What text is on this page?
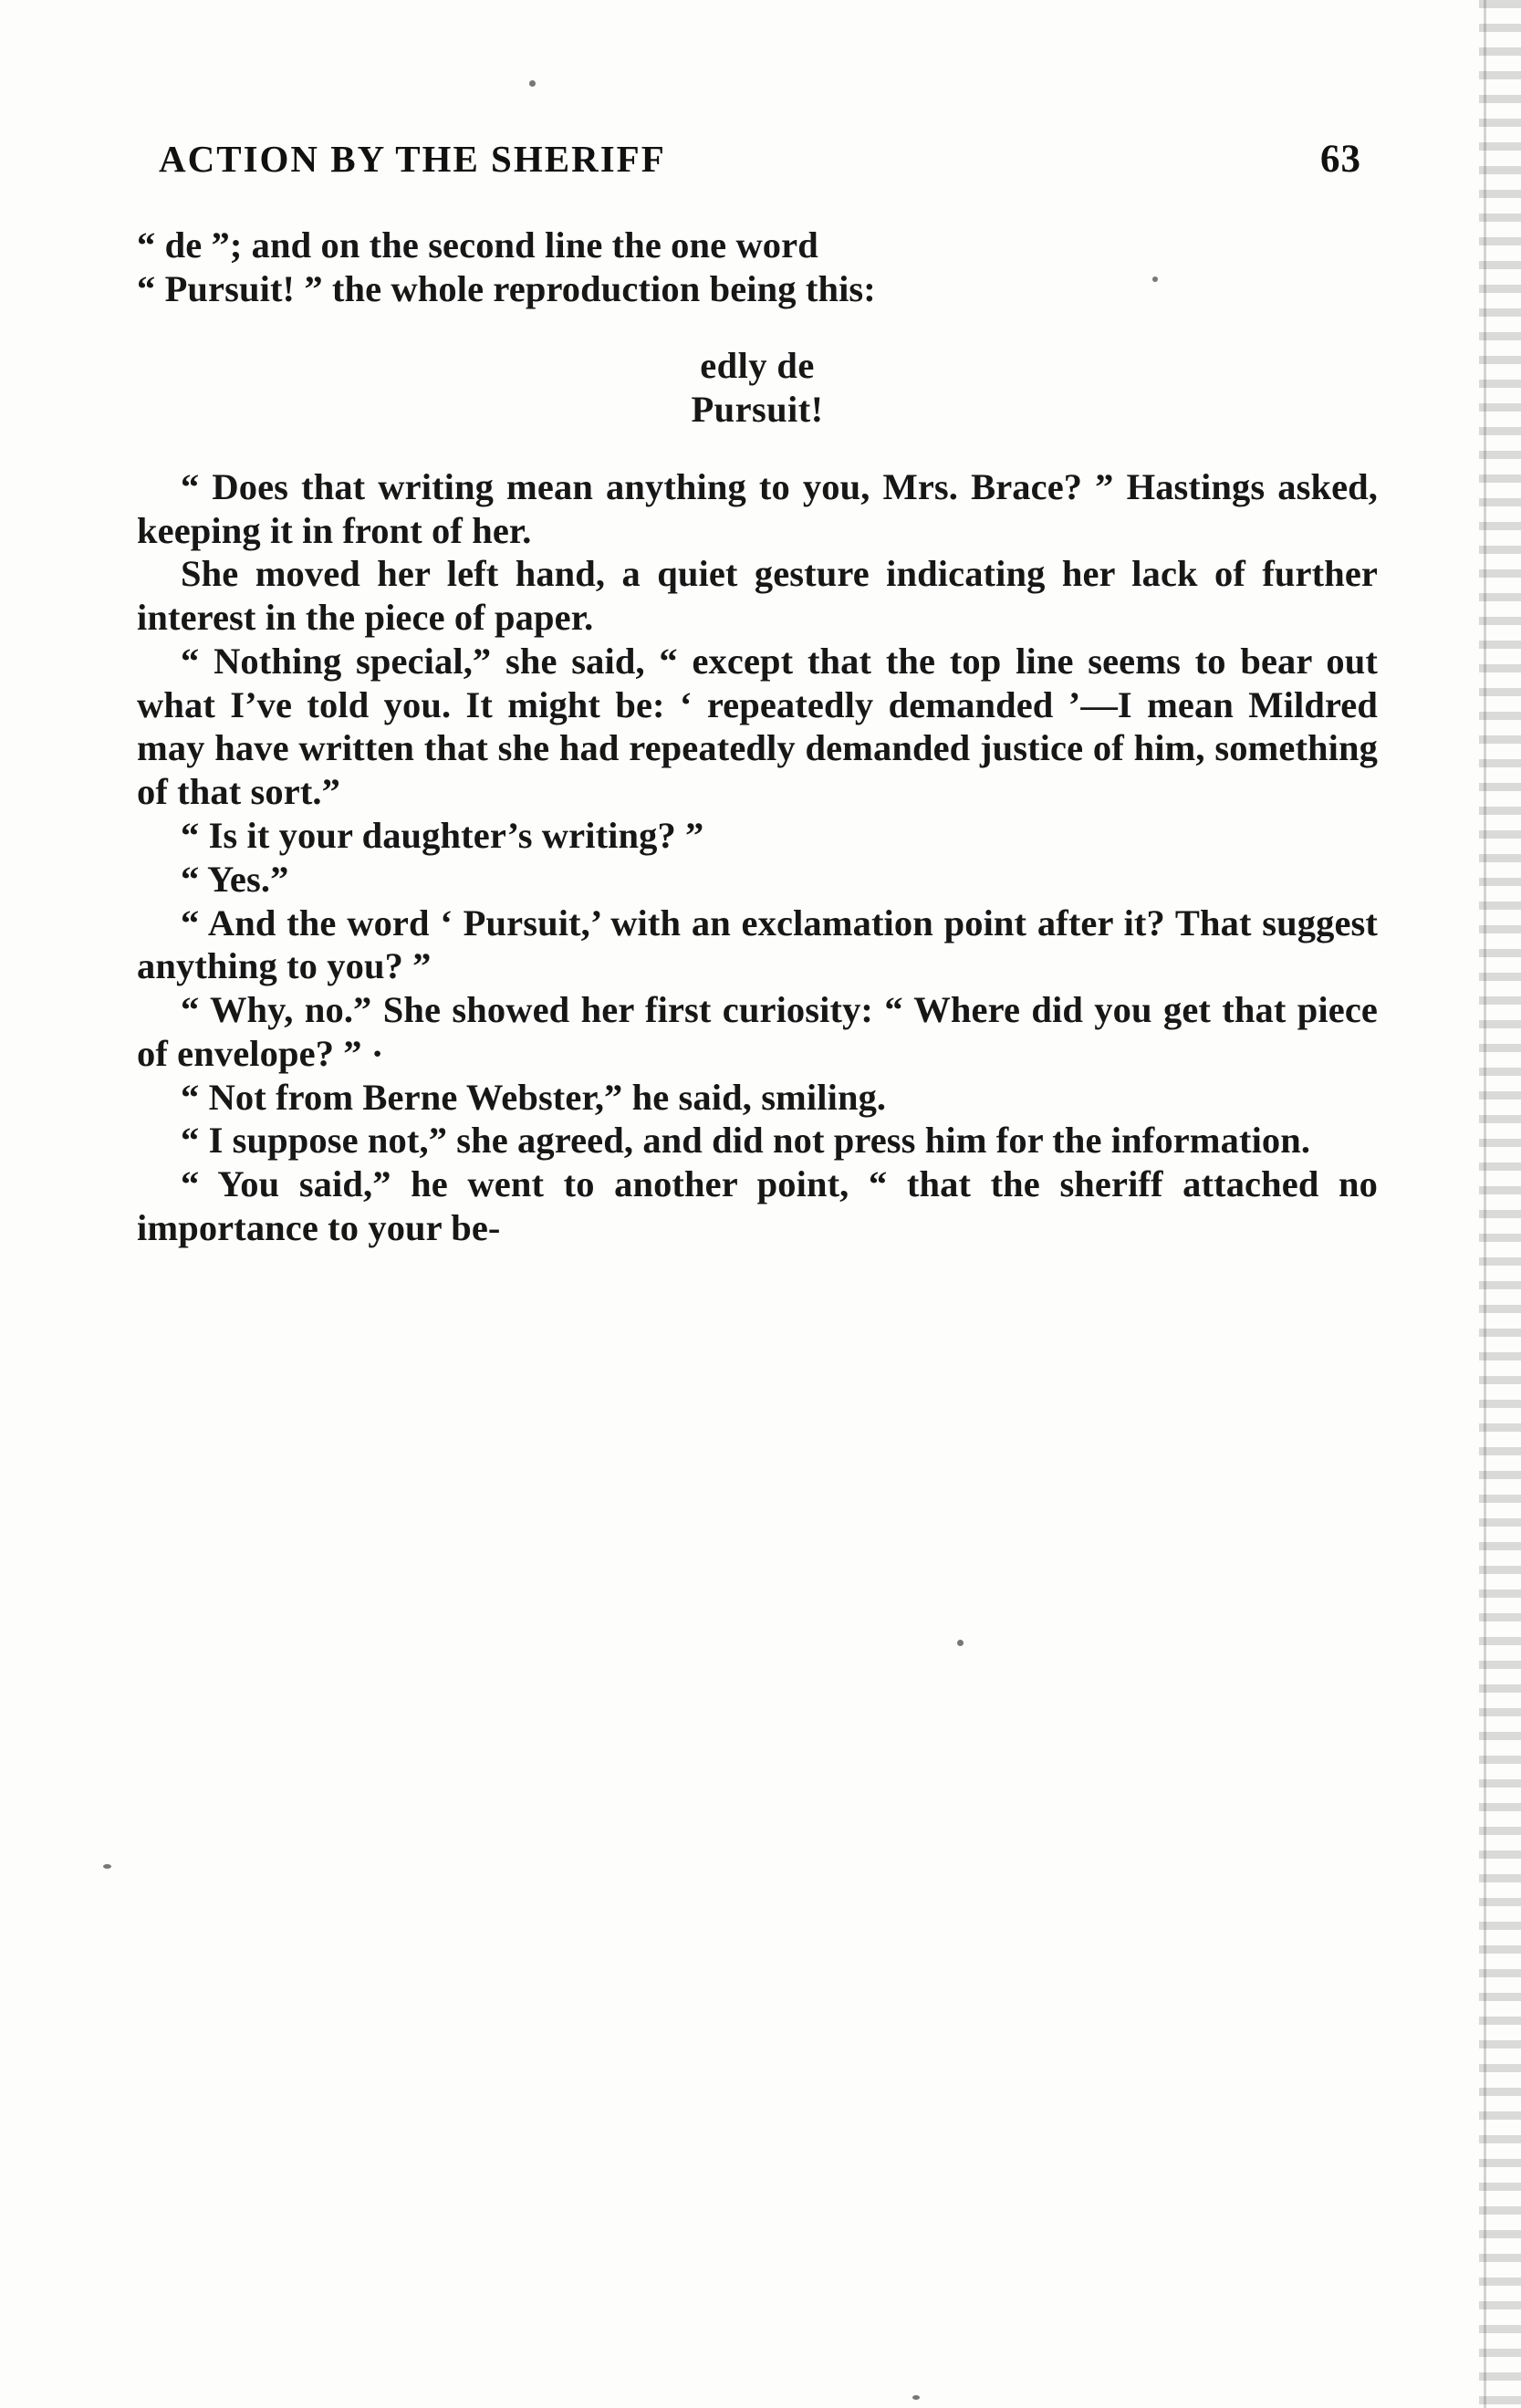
ACTION BY THE SHERIFF	63

“ de ”; and on the second line the one word

“ Pursuit! ” the whole reproduction being this:

edly de
Pursuit!

“ Does that writing mean anything to you, Mrs. Brace? ” Hastings asked, keeping it in front of her.

She moved her left hand, a quiet gesture indicating her lack of further interest in the piece of paper.

“ Nothing special,” she said, “ except that the top line seems to bear out what I’ve told you. It might be: ‘ repeatedly demanded ’—I mean Mildred may have written that she had repeatedly demanded justice of him, something of that sort.”

“ Is it your daughter’s writing? ”

“ Yes.”

“ And the word ‘ Pursuit,’ with an exclamation point after it? That suggest anything to you? ”

“ Why, no.” She showed her first curiosity: “ Where did you get that piece of envelope? ” ·

“ Not from Berne Webster,” he said, smiling.

“ I suppose not,” she agreed, and did not press him for the information.

“ You said,” he went to another point, “ that the sheriff attached no importance to your be-
